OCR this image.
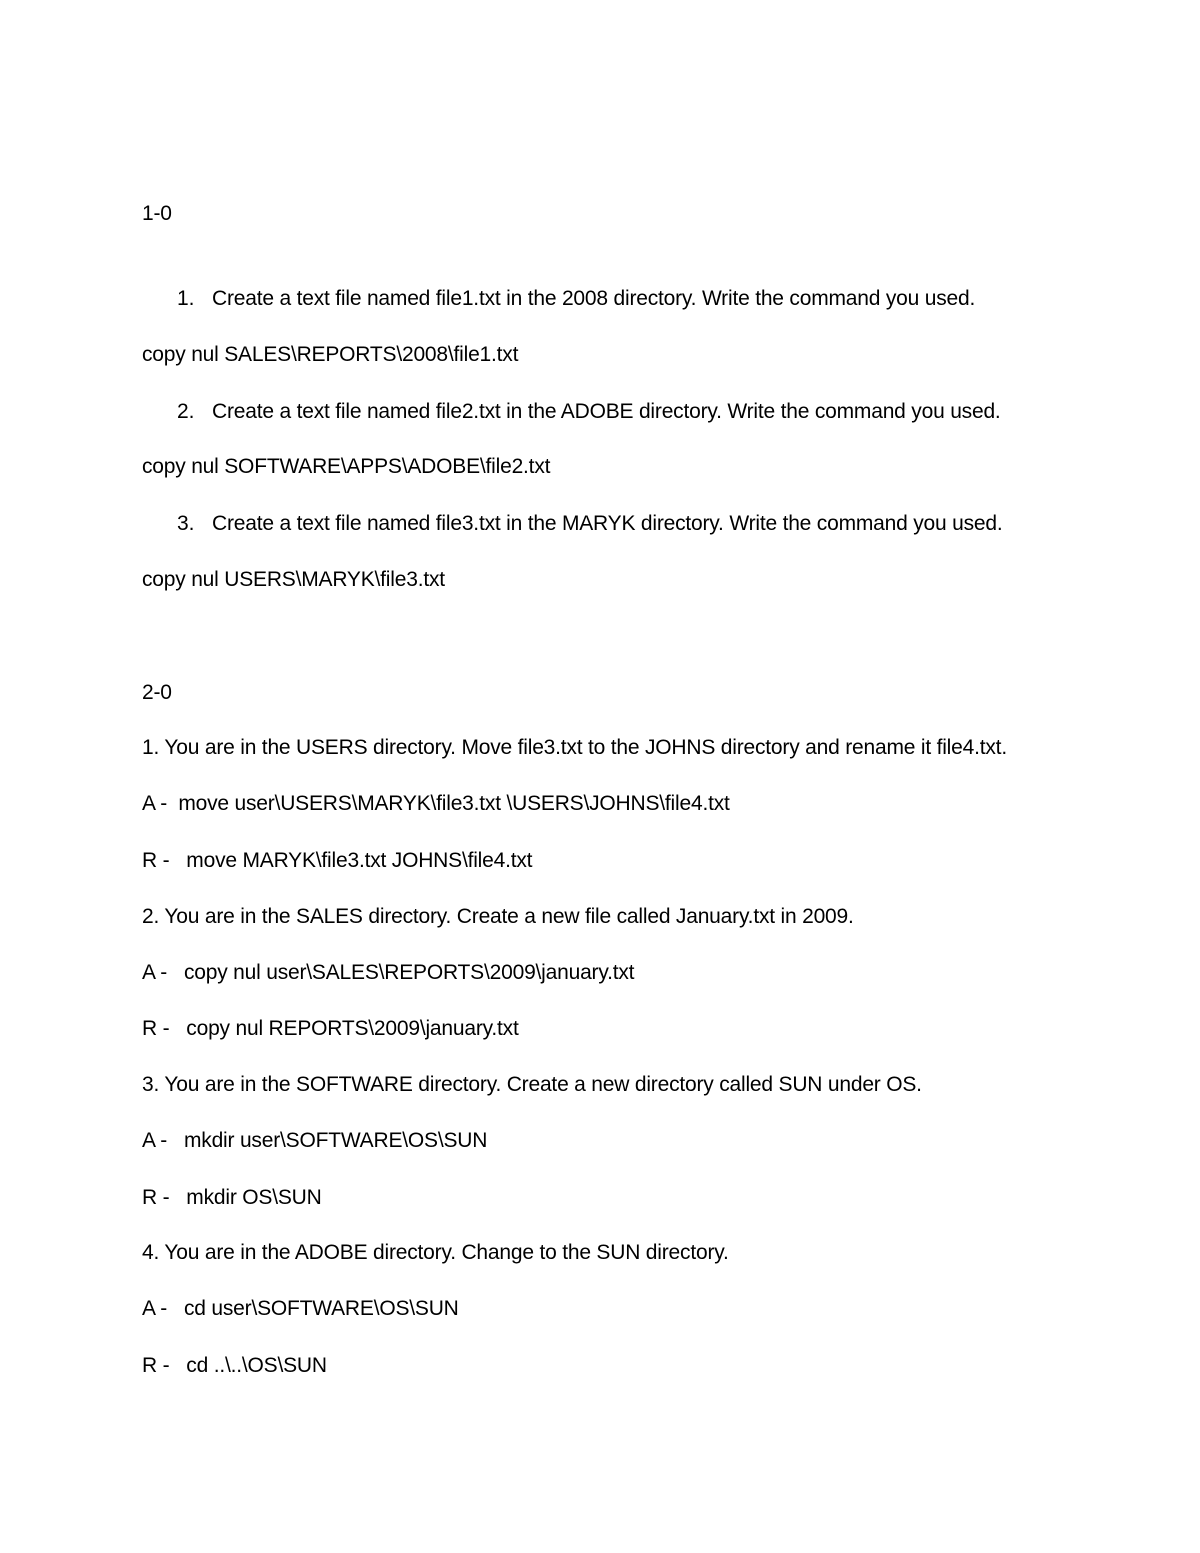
1-0
1. Create a text file named file1.txt in the 2008 directory. Write the command you used.
copy nul SALES\REPORTS\2008\file1.txt
2. Create a text file named file2.txt in the ADOBE directory. Write the command you used.
copy nul SOFTWARE\APPS\ADOBE\file2.txt
3. Create a text file named file3.txt in the MARYK directory. Write the command you used.
copy nul USERS\MARYK\file3.txt
2-0
1. You are in the USERS directory. Move file3.txt to the JOHNS directory and rename it file4.txt.
A -  move user\USERS\MARYK\file3.txt \USERS\JOHNS\file4.txt
R -   move MARYK\file3.txt JOHNS\file4.txt
2. You are in the SALES directory. Create a new file called January.txt in 2009.
A -   copy nul user\SALES\REPORTS\2009\january.txt
R -   copy nul REPORTS\2009\january.txt
3. You are in the SOFTWARE directory. Create a new directory called SUN under OS.
A -   mkdir user\SOFTWARE\OS\SUN
R -   mkdir OS\SUN
4. You are in the ADOBE directory. Change to the SUN directory.
A -   cd user\SOFTWARE\OS\SUN
R -   cd ..\..\OS\SUN
